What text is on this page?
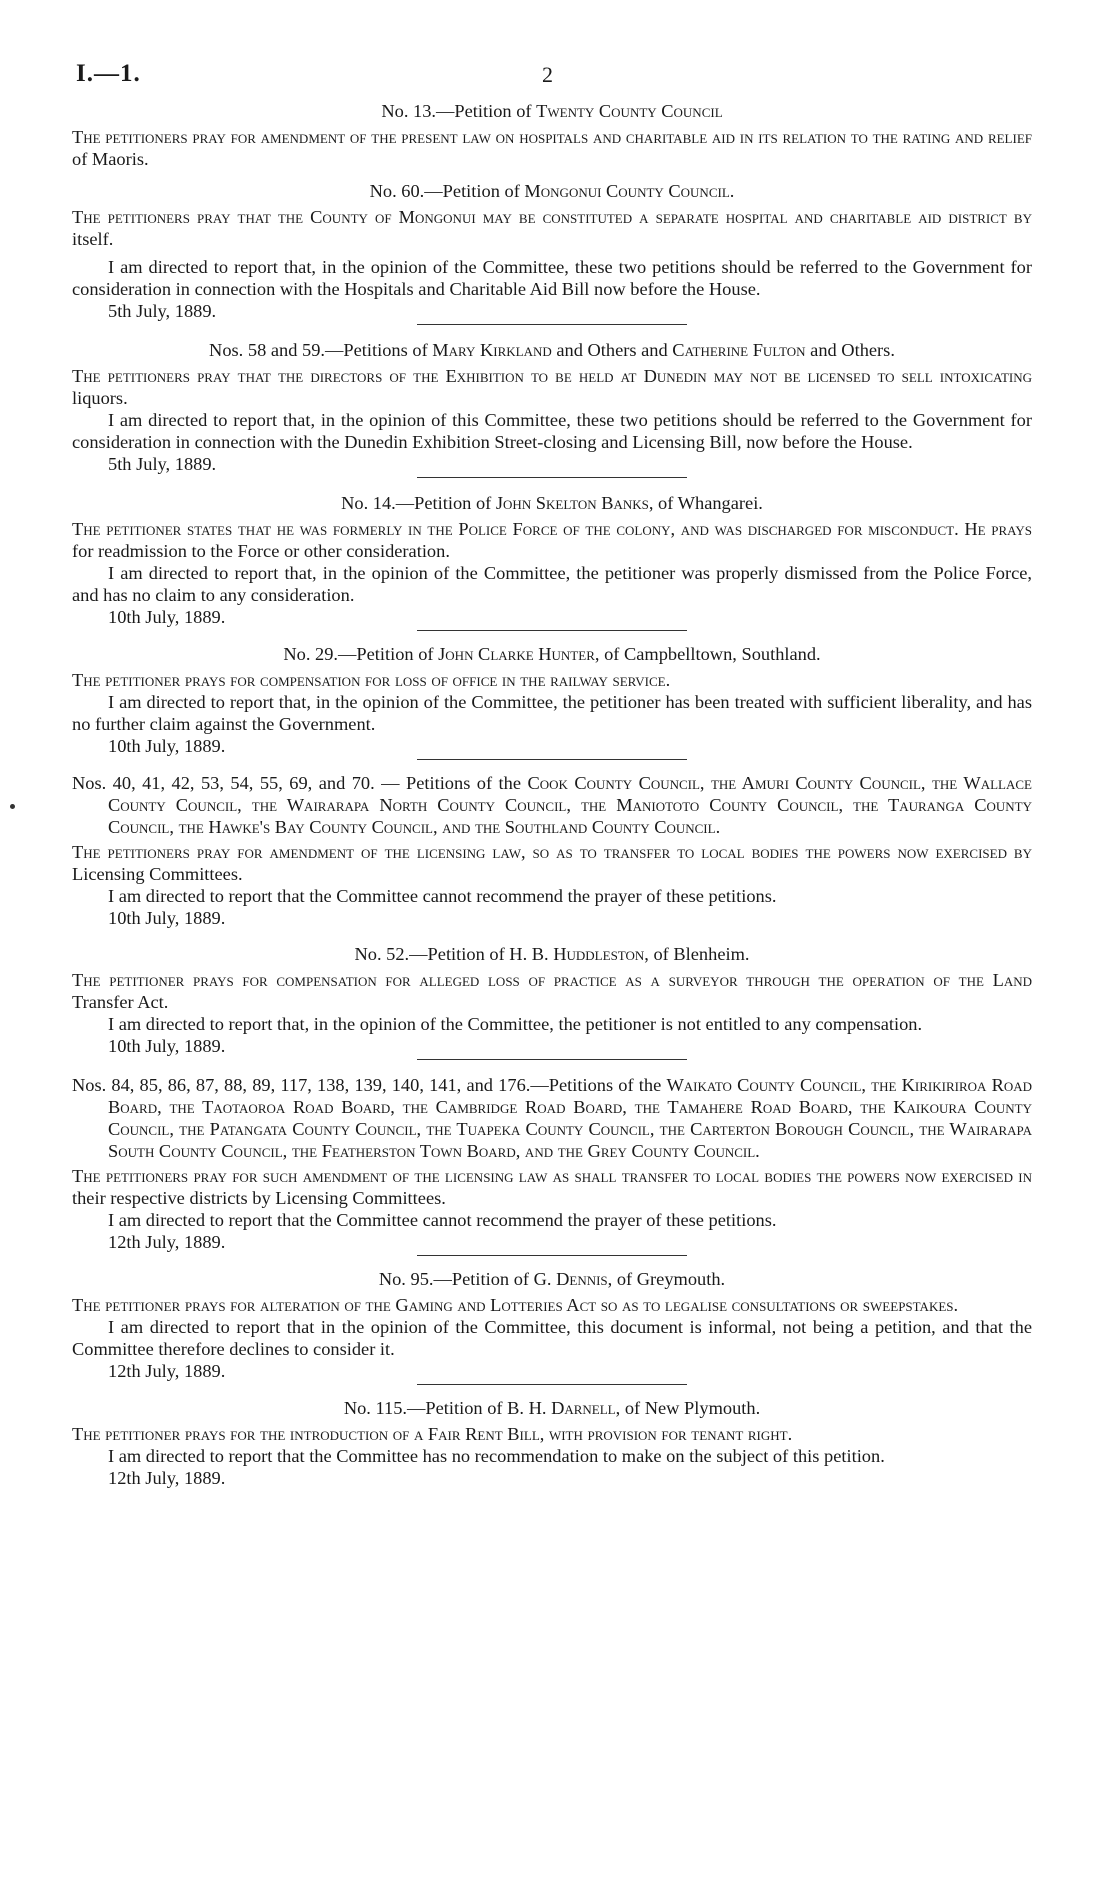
I.—1.	2
No. 13.—Petition of Twenty County Council

The petitioners pray for amendment of the present law on hospitals and charitable aid in its relation to the rating and relief of Maoris.

No. 60.—Petition of Mongonui County Council.

The petitioners pray that the County of Mongonui may be constituted a separate hospital and charitable aid district by itself.

I am directed to report that, in the opinion of the Committee, these two petitions should be referred to the Government for consideration in connection with the Hospitals and Charitable Aid Bill now before the House.

5th July, 1889.

Nos. 58 and 59.—Petitions of Mary Kirkland and Others and Catherine Fulton and Others.

The petitioners pray that the directors of the Exhibition to be held at Dunedin may not be licensed to sell intoxicating liquors.

I am directed to report that, in the opinion of this Committee, these two petitions should be referred to the Government for consideration in connection with the Dunedin Exhibition Street-closing and Licensing Bill, now before the House.

5th July, 1889.

No. 14.—Petition of John Skelton Banks, of Whangarei.

The petitioner states that he was formerly in the Police Force of the colony, and was discharged for misconduct. He prays for readmission to the Force or other consideration.

I am directed to report that, in the opinion of the Committee, the petitioner was properly dismissed from the Police Force, and has no claim to any consideration.

10th July, 1889.

No. 29.—Petition of John Clarke Hunter, of Campbelltown, Southland.

The petitioner prays for compensation for loss of office in the railway service.

I am directed to report that, in the opinion of the Committee, the petitioner has been treated with sufficient liberality, and has no further claim against the Government.

10th July, 1889.

Nos. 40, 41, 42, 53, 54, 55, 69, and 70. — Petitions of the Cook County Council, the Amuri County Council, the Wallace County Council, the Wairarapa North County Council, the Maniototo County Council, the Tauranga County Council, the Hawke's Bay County Council, and the Southland County Council.

The petitioners pray for amendment of the licensing law, so as to transfer to local bodies the powers now exercised by Licensing Committees.

I am directed to report that the Committee cannot recommend the prayer of these petitions.

10th July, 1889.

No. 52.—Petition of H. B. Huddleston, of Blenheim.

The petitioner prays for compensation for alleged loss of practice as a surveyor through the operation of the Land Transfer Act.

I am directed to report that, in the opinion of the Committee, the petitioner is not entitled to any compensation.

10th July, 1889.

Nos. 84, 85, 86, 87, 88, 89, 117, 138, 139, 140, 141, and 176.—Petitions of the Waikato County Council, the Kirikiriroa Road Board, the Taotaoroa Road Board, the Cambridge Road Board, the Tamahere Road Board, the Kaikoura County Council, the Patangata County Council, the Tuapeka County Council, the Carterton Borough Council, the Wairarapa South County Council, the Featherston Town Board, and the Grey County Council.

The petitioners pray for such amendment of the licensing law as shall transfer to local bodies the powers now exercised in their respective districts by Licensing Committees.

I am directed to report that the Committee cannot recommend the prayer of these petitions.

12th July, 1889.

No. 95.—Petition of G. Dennis, of Greymouth.

The petitioner prays for alteration of the Gaming and Lotteries Act so as to legalise consultations or sweepstakes.

I am directed to report that in the opinion of the Committee, this document is informal, not being a petition, and that the Committee therefore declines to consider it.

12th July, 1889.

No. 115.—Petition of B. H. Darnell, of New Plymouth.

The petitioner prays for the introduction of a Fair Rent Bill, with provision for tenant right.

I am directed to report that the Committee has no recommendation to make on the subject of this petition.

12th July, 1889.
